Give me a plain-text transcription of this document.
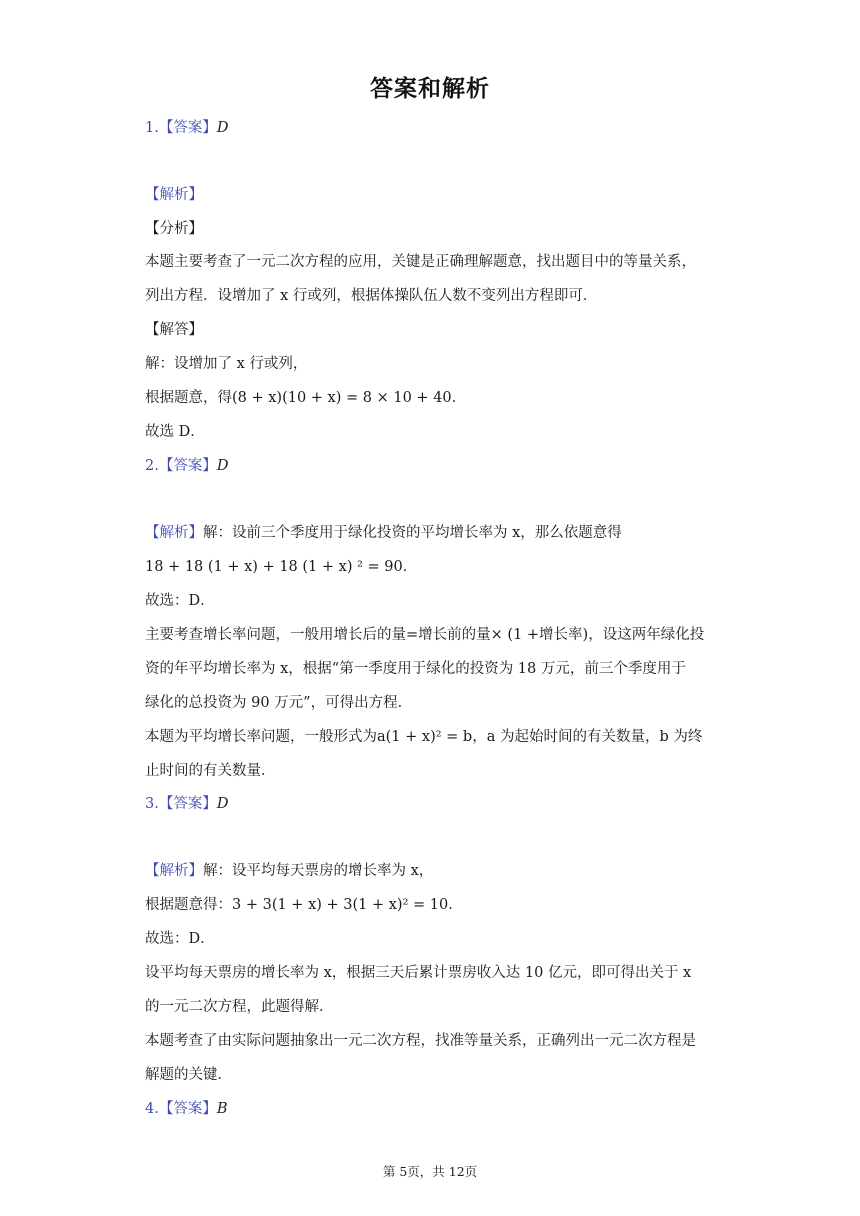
答案和解析
1.【答案】D
【解析】
【分析】
本题主要考查了一元二次方程的应用，关键是正确理解题意，找出题目中的等量关系，
列出方程．设增加了 x 行或列，根据体操队伍人数不变列出方程即可．
【解答】
解：设增加了 x 行或列，
根据题意，得(8 + x)(10 + x) = 8 × 10 + 40．
故选 D．
2.【答案】D
【解析】解：设前三个季度用于绿化投资的平均增长率为 x，那么依题意得
18 + 18 (1 + x) + 18 (1 + x) ² = 90．
故选：D．
主要考查增长率问题，一般用增长后的量=增长前的量× (1 +增长率)，设这两年绿化投
资的年平均增长率为 x，根据“第一季度用于绿化的投资为 18 万元，前三个季度用于
绿化的总投资为 90 万元”，可得出方程．
本题为平均增长率问题，一般形式为a(1 + x)² = b，a 为起始时间的有关数量，b 为终
止时间的有关数量．
3.【答案】D
【解析】解：设平均每天票房的增长率为 x，
根据题意得：3 + 3(1 + x) + 3(1 + x)² = 10．
故选：D．
设平均每天票房的增长率为 x，根据三天后累计票房收入达 10 亿元，即可得出关于 x
的一元二次方程，此题得解．
本题考查了由实际问题抽象出一元二次方程，找准等量关系，正确列出一元二次方程是
解题的关键．
4.【答案】B
第 5页，共 12页
